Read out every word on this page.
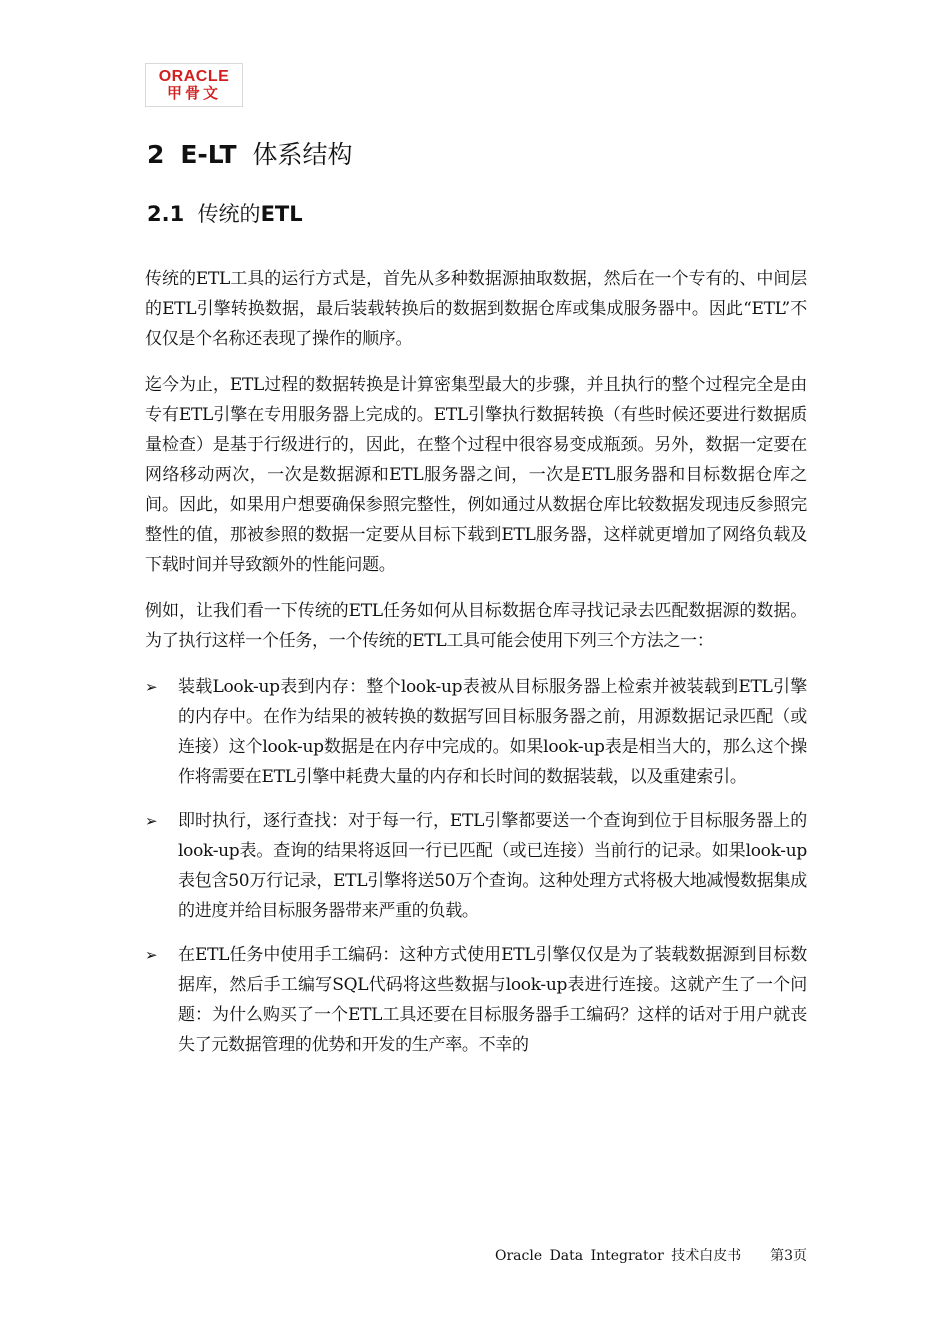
ORACLE
甲骨文
2 E-LT 体系结构
2.1 传统的ETL

传统的ETL工具的运行方式是，首先从多种数据源抽取数据，然后在一个专有的、中间层的ETL引擎转换数据，最后装载转换后的数据到数据仓库或集成服务器中。因此“ETL”不仅仅是个名称还表现了操作的顺序。

迄今为止，ETL过程的数据转换是计算密集型最大的步骤，并且执行的整个过程完全是由专有ETL引擎在专用服务器上完成的。ETL引擎执行数据转换（有些时候还要进行数据质量检查）是基于行级进行的，因此，在整个过程中很容易变成瓶颈。另外，数据一定要在网络移动两次，一次是数据源和ETL服务器之间，一次是ETL服务器和目标数据仓库之间。因此，如果用户想要确保参照完整性，例如通过从数据仓库比较数据发现违反参照完整性的值，那被参照的数据一定要从目标下载到ETL服务器，这样就更增加了网络负载及下载时间并导致额外的性能问题。

例如，让我们看一下传统的ETL任务如何从目标数据仓库寻找记录去匹配数据源的数据。为了执行这样一个任务，一个传统的ETL工具可能会使用下列三个方法之一：

➢ 装载Look-up表到内存：整个look-up表被从目标服务器上检索并被装载到ETL引擎的内存中。在作为结果的被转换的数据写回目标服务器之前，用源数据记录匹配（或连接）这个look-up数据是在内存中完成的。如果look-up表是相当大的，那么这个操作将需要在ETL引擎中耗费大量的内存和长时间的数据装载，以及重建索引。
➢ 即时执行，逐行查找：对于每一行，ETL引擎都要送一个查询到位于目标服务器上的look-up表。查询的结果将返回一行已匹配（或已连接）当前行的记录。如果look-up表包含50万行记录，ETL引擎将送50万个查询。这种处理方式将极大地减慢数据集成的进度并给目标服务器带来严重的负载。
➢ 在ETL任务中使用手工编码：这种方式使用ETL引擎仅仅是为了装载数据源到目标数据库，然后手工编写SQL代码将这些数据与look-up表进行连接。这就产生了一个问题：为什么购买了一个ETL工具还要在目标服务器手工编码？这样的话对于用户就丧失了元数据管理的优势和开发的生产率。不幸的
Oracle Data Integrator 技术白皮书 第3页
